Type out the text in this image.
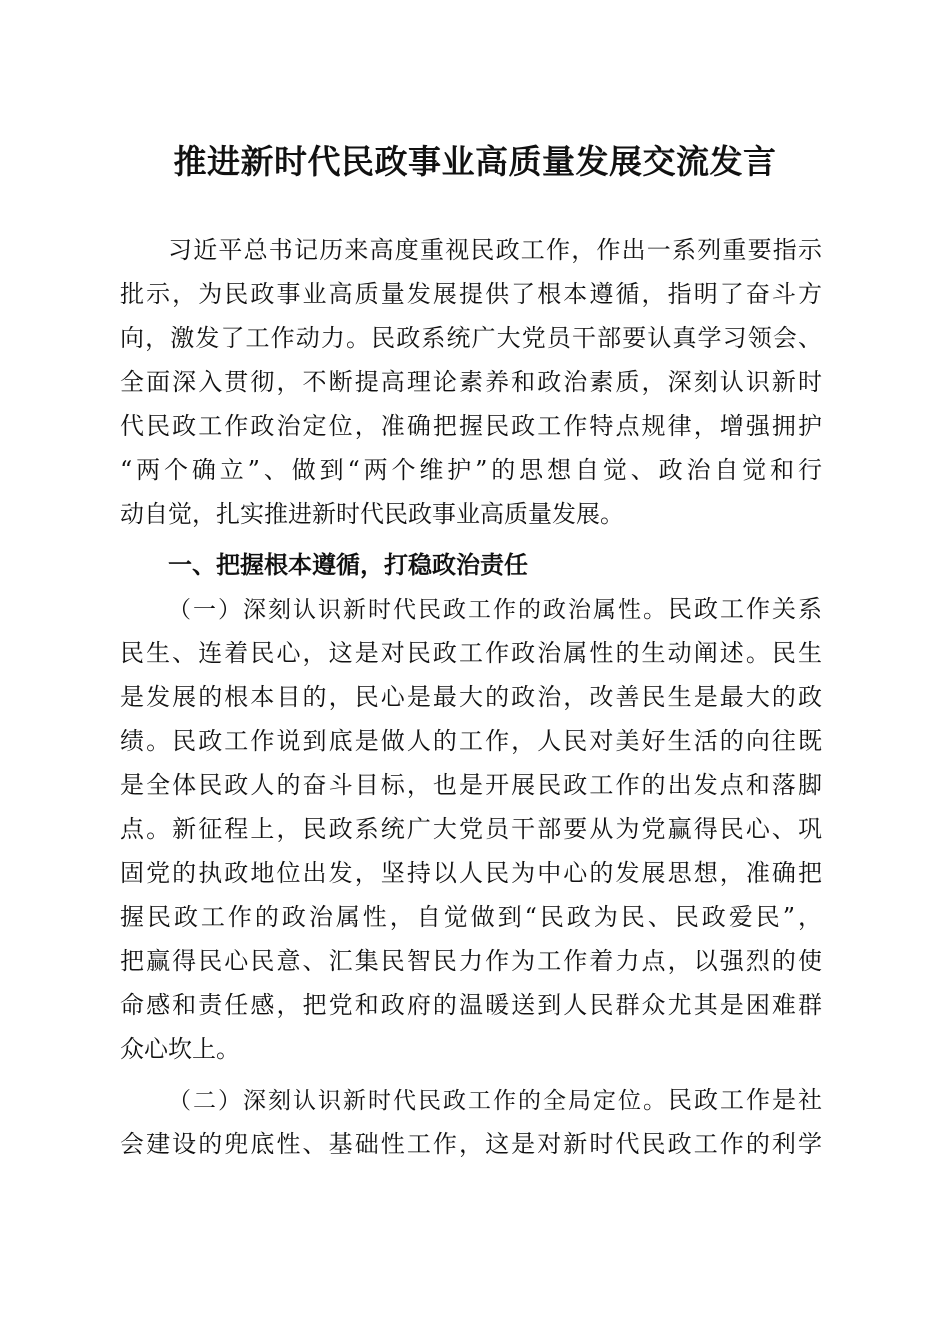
推进新时代民政事业高质量发展交流发言
习近平总书记历来高度重视民政工作，作出一系列重要指示
批示，为民政事业高质量发展提供了根本遵循，指明了奋斗方
向，激发了工作动力。民政系统广大党员干部要认真学习领会、
全面深入贯彻，不断提高理论素养和政治素质，深刻认识新时
代民政工作政治定位，准确把握民政工作特点规律，增强拥护
“两个确立”、做到“两个维护”的思想自觉、政治自觉和行
动自觉，扎实推进新时代民政事业高质量发展。
一、把握根本遵循，打稳政治责任
（一）深刻认识新时代民政工作的政治属性。民政工作关系
民生、连着民心，这是对民政工作政治属性的生动阐述。民生
是发展的根本目的，民心是最大的政治，改善民生是最大的政
绩。民政工作说到底是做人的工作，人民对美好生活的向往既
是全体民政人的奋斗目标，也是开展民政工作的出发点和落脚
点。新征程上，民政系统广大党员干部要从为党赢得民心、巩
固党的执政地位出发，坚持以人民为中心的发展思想，准确把
握民政工作的政治属性，自觉做到“民政为民、民政爱民”，
把赢得民心民意、汇集民智民力作为工作着力点，以强烈的使
命感和责任感，把党和政府的温暖送到人民群众尤其是困难群
众心坎上。
（二）深刻认识新时代民政工作的全局定位。民政工作是社
会建设的兜底性、基础性工作，这是对新时代民政工作的利学
